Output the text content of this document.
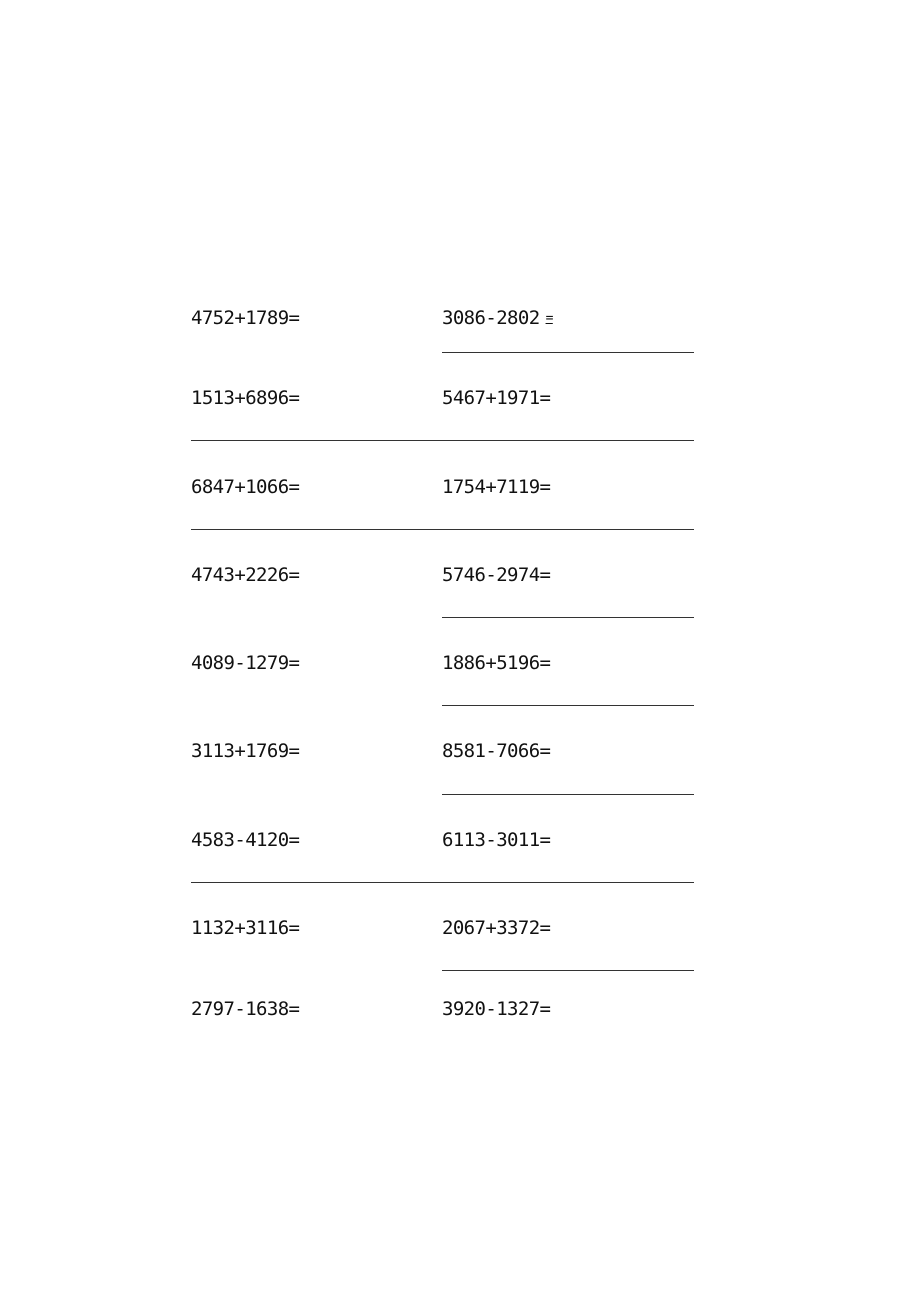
4752+1789=	3086-2802 =
1513+6896=	5467+1971=
6847+1066=	1754+7119=
4743+2226=	5746-2974=
4089-1279=	1886+5196=
3113+1769=	8581-7066=
4583-4120=	6113-3011=
1132+3116=	2067+3372=
2797-1638=	3920-1327=
